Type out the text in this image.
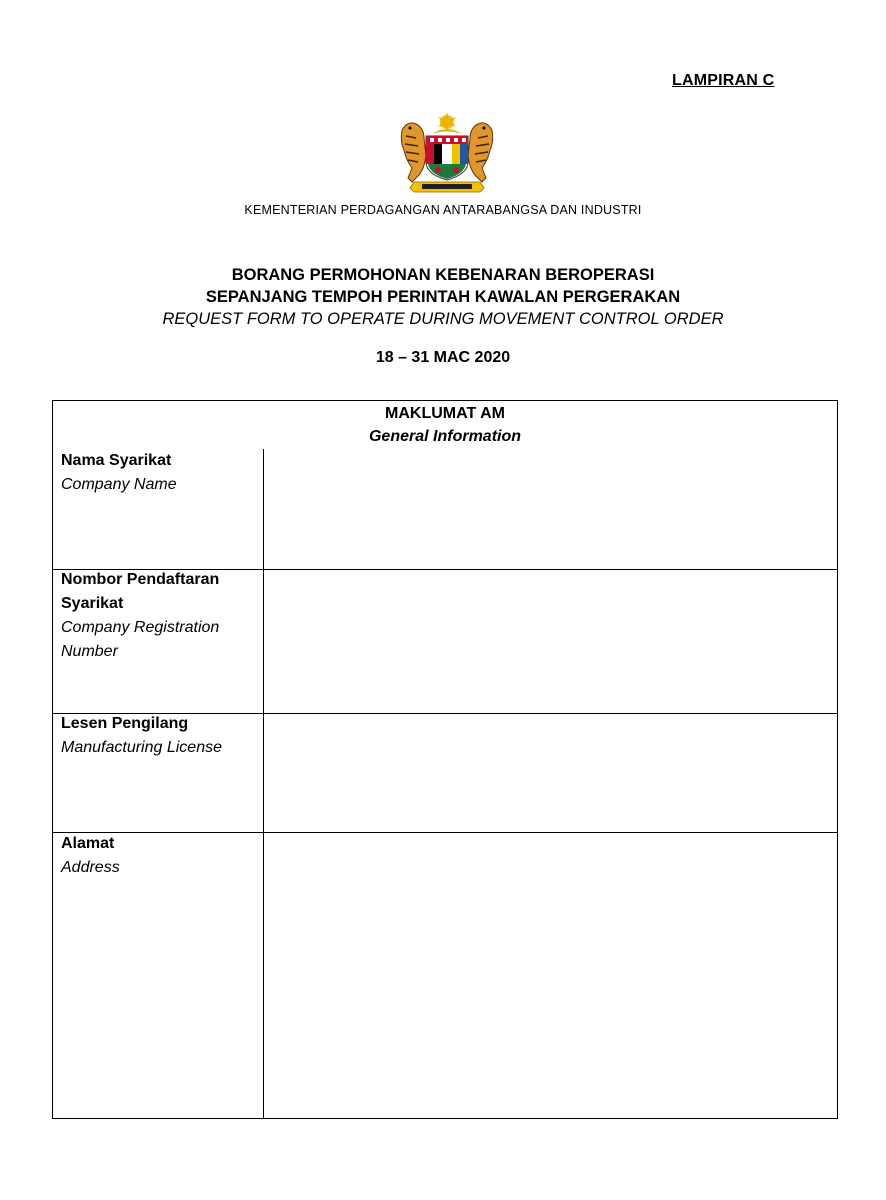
LAMPIRAN C
KEMENTERIAN PERDAGANGAN ANTARABANGSA DAN INDUSTRI
BORANG PERMOHONAN KEBENARAN BEROPERASI
SEPANJANG TEMPOH PERINTAH KAWALAN PERGERAKAN
REQUEST FORM TO OPERATE DURING MOVEMENT CONTROL ORDER
18 – 31 MAC 2020
MAKLUMAT AM
General Information
Nama Syarikat
Company Name
Nombor Pendaftaran Syarikat
Company Registration Number
Lesen Pengilang
Manufacturing License
Alamat
Address
